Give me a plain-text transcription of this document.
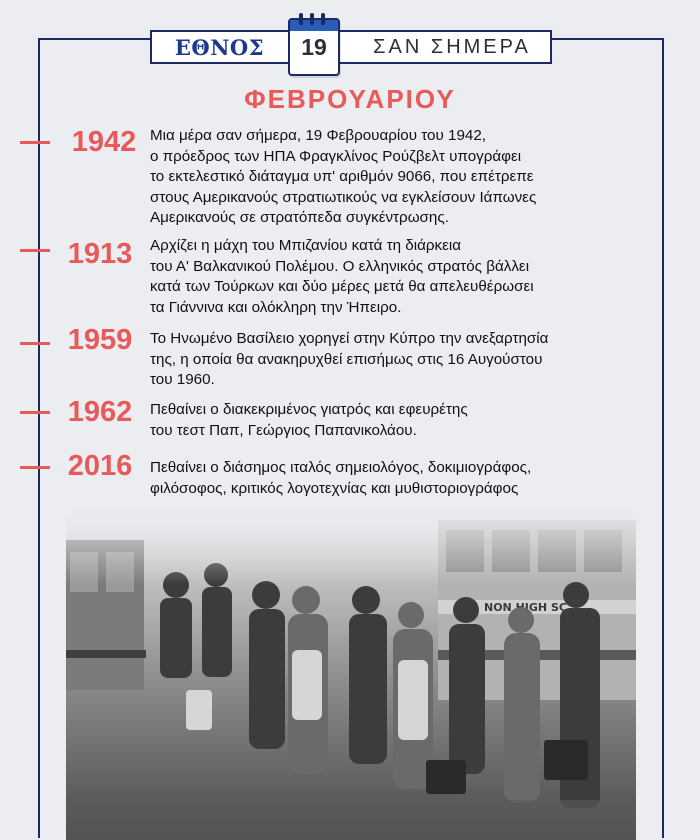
ΕΘΝΟΣ	ΣΑΝ ΣΗΜΕΡΑ
19
ΦΕΒΡΟΥΑΡΙΟΥ
1942 Μια μέρα σαν σήμερα, 19 Φεβρουαρίου του 1942,
ο πρόεδρος των ΗΠΑ Φραγκλίνος Ρούζβελτ υπογράφει
το εκτελεστικό διάταγμα υπ' αριθμόν 9066, που επέτρεπε
στους Αμερικανούς στρατιωτικούς να εγκλείσουν Ιάπωνες
Αμερικανούς σε στρατόπεδα συγκέντρωσης.
1913	Αρχίζει η μάχη του Μπιζανίου κατά τη διάρκεια
του Α' Βαλκανικού Πολέμου. Ο ελληνικός στρατός βάλλει
κατά των Τούρκων και δύο μέρες μετά θα απελευθέρωσει
τα Γιάννινα και ολόκληρη την Ήπειρο.
1959	Το Ηνωμένο Βασίλειο χορηγεί στην Κύπρο την ανεξαρτησία
της, η οποία θα ανακηρυχθεί επισήμως στις 16 Αυγούστου
του 1960.
1962	Πεθαίνει ο διακεκριμένος γιατρός και εφευρέτης
του τεστ Παπ, Γεώργιος Παπανικολάου.
2016	Πεθαίνει ο διάσημος ιταλός σημειολόγος, δοκιμιογράφος,
φιλόσοφος, κριτικός λογοτεχνίας και μυθιστοριογράφος
